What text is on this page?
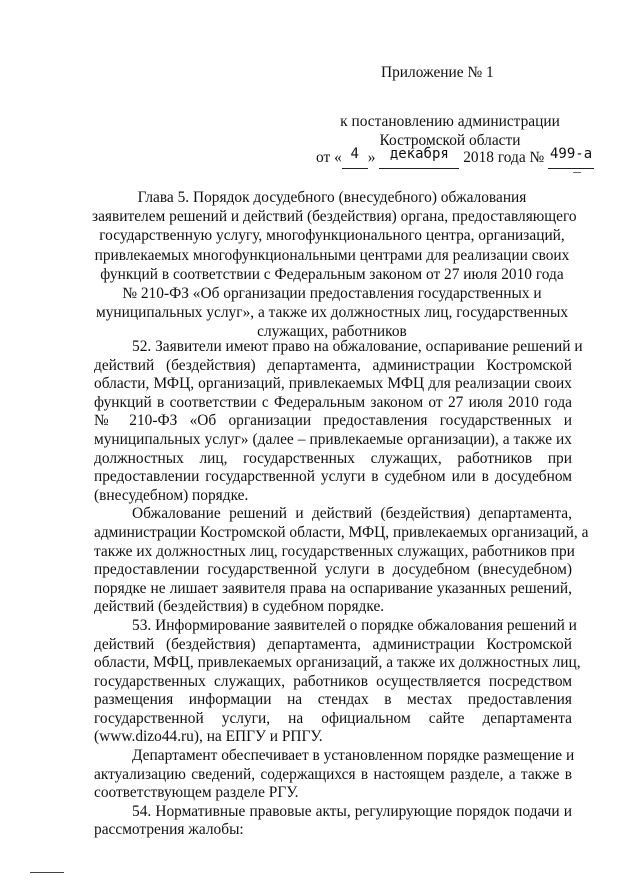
Приложение № 1
к постановлению администрации
Костромской области
от « 4 » декабря 2018 года № 499-а
Глава 5. Порядок досудебного (внесудебного) обжалования
заявителем решений и действий (бездействия) органа, предоставляющего
государственную услугу, многофункционального центра, организаций,
привлекаемых многофункциональными центрами для реализации своих
функций в соответствии с Федеральным законом от 27 июля 2010 года
№ 210-ФЗ «Об организации предоставления государственных и
муниципальных услуг», а также их должностных лиц, государственных
служащих, работников
52. Заявители имеют право на обжалование, оспаривание решений и
действий (бездействия) департамента, администрации Костромской
области, МФЦ, организаций, привлекаемых МФЦ для реализации своих
функций в соответствии с Федеральным законом от 27 июля 2010 года
№ 210-ФЗ «Об организации предоставления государственных и
муниципальных услуг» (далее – привлекаемые организации), а также их
должностных лиц, государственных служащих, работников при
предоставлении государственной услуги в судебном или в досудебном
(внесудебном) порядке.
Обжалование решений и действий (бездействия) департамента,
администрации Костромской области, МФЦ, привлекаемых организаций, а
также их должностных лиц, государственных служащих, работников при
предоставлении государственной услуги в досудебном (внесудебном)
порядке не лишает заявителя права на оспаривание указанных решений,
действий (бездействия) в судебном порядке.
53. Информирование заявителей о порядке обжалования решений и
действий (бездействия) департамента, администрации Костромской
области, МФЦ, привлекаемых организаций, а также их должностных лиц,
государственных служащих, работников осуществляется посредством
размещения информации на стендах в местах предоставления
государственной услуги, на официальном сайте департамента
(www.dizo44.ru), на ЕПГУ и РПГУ.
Департамент обеспечивает в установленном порядке размещение и
актуализацию сведений, содержащихся в настоящем разделе, а также в
соответствующем разделе РГУ.
54. Нормативные правовые акты, регулирующие порядок подачи и
рассмотрения жалобы:
